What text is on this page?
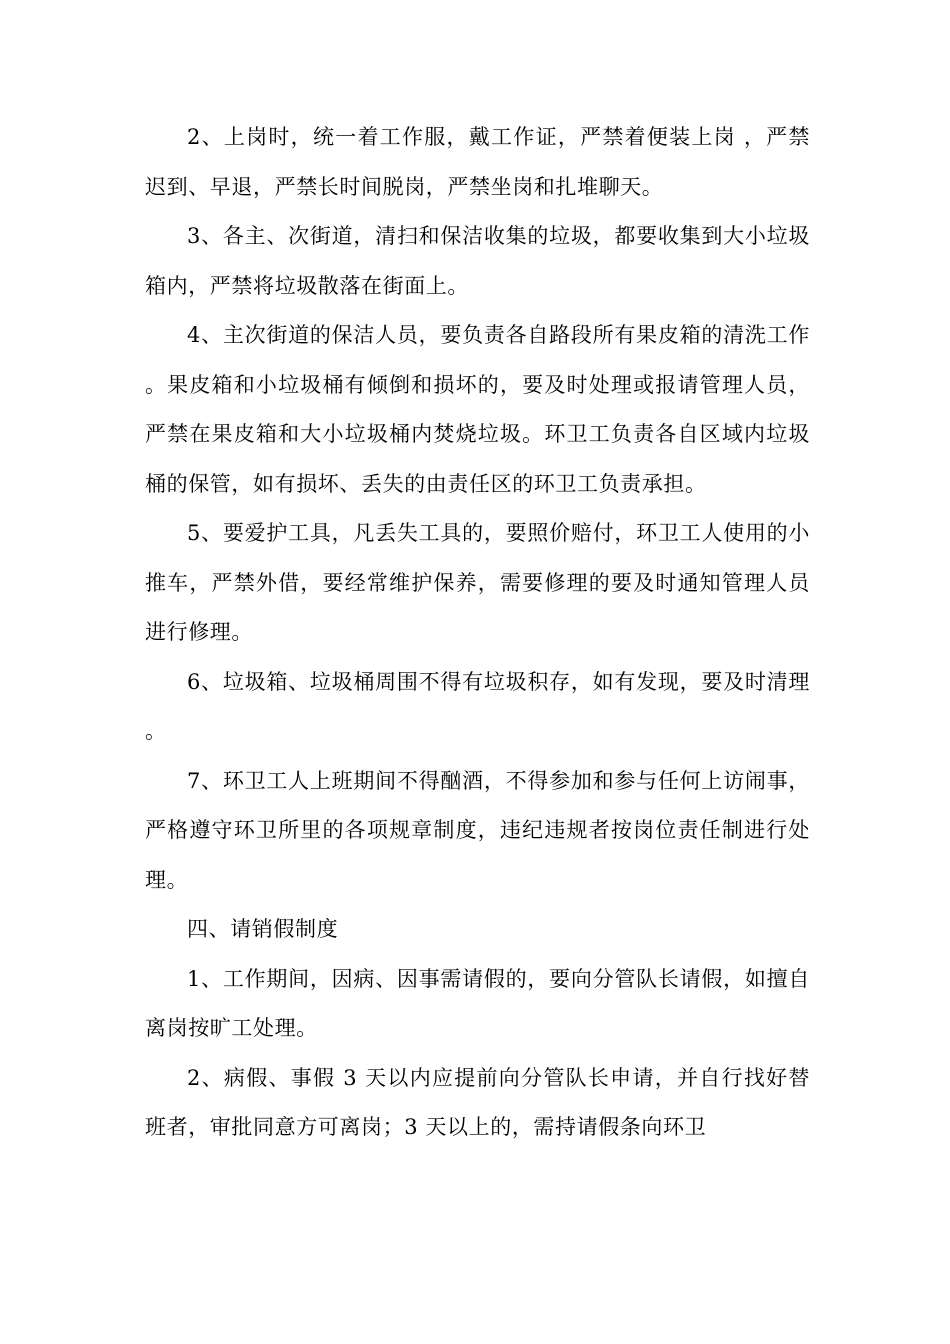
2、上岗时，统一着工作服，戴工作证，严禁着便装上岗 ，严禁迟到、早退，严禁长时间脱岗，严禁坐岗和扎堆聊天。

3、各主、次街道，清扫和保洁收集的垃圾，都要收集到大小垃圾箱内，严禁将垃圾散落在街面上。

4、主次街道的保洁人员，要负责各自路段所有果皮箱的清洗工作。果皮箱和小垃圾桶有倾倒和损坏的，要及时处理或报请管理人员，严禁在果皮箱和大小垃圾桶内焚烧垃圾。环卫工负责各自区域内垃圾桶的保管，如有损坏、丢失的由责任区的环卫工负责承担。

5、要爱护工具，凡丢失工具的，要照价赔付，环卫工人使用的小推车，严禁外借，要经常维护保养，需要修理的要及时通知管理人员进行修理。

6、垃圾箱、垃圾桶周围不得有垃圾积存，如有发现，要及时清理。

7、环卫工人上班期间不得酗酒，不得参加和参与任何上访闹事，严格遵守环卫所里的各项规章制度，违纪违规者按岗位责任制进行处理。

四、请销假制度

1、工作期间，因病、因事需请假的，要向分管队长请假，如擅自离岗按旷工处理。

2、病假、事假 3 天以内应提前向分管队长申请，并自行找好替班者，审批同意方可离岗；3 天以上的，需持请假条向环卫
